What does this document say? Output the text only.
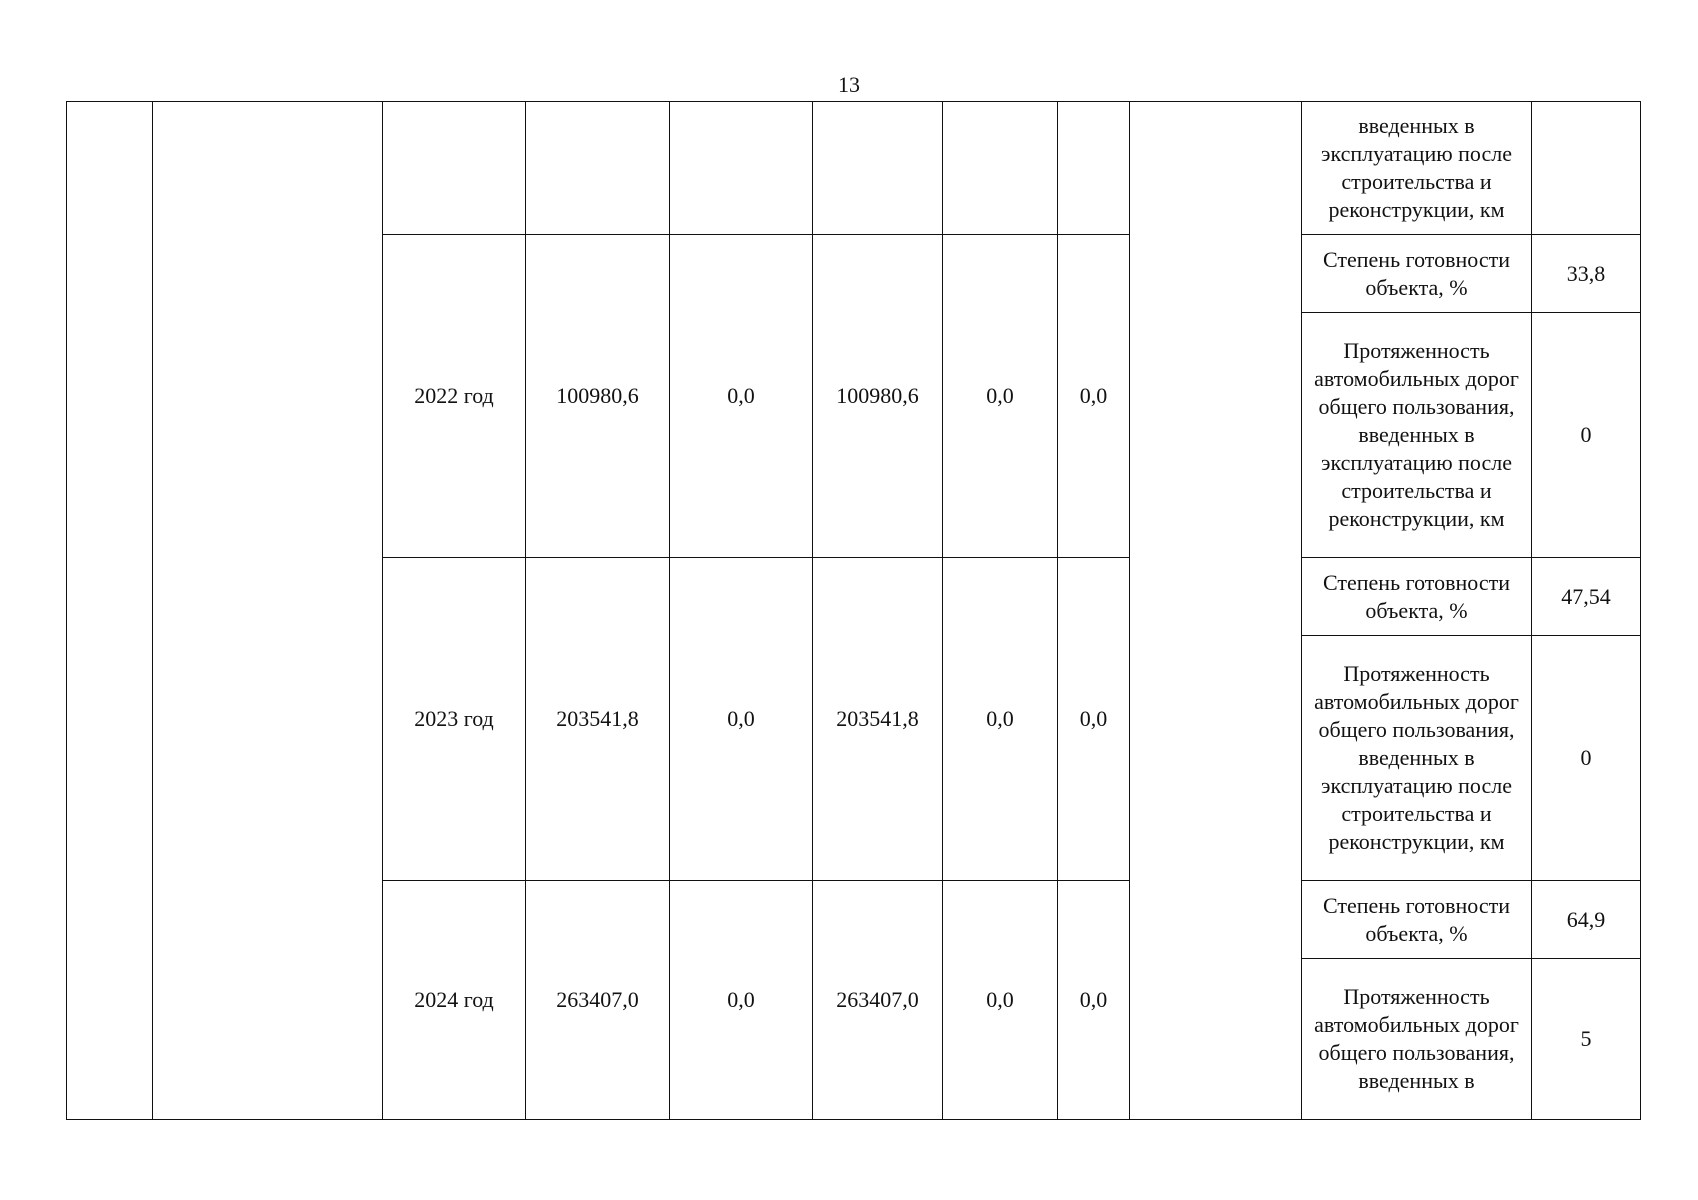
13
									введенных в эксплуатацию после строительства и реконструкции, км		
		2022 год	100980,6	0,0	100980,6	0,0	0,0		Степень готовности объекта, %	33,8	
									Протяженность автомобильных дорог общего пользования, введенных в эксплуатацию после строительства и реконструкции, км	0	
		2023 год	203541,8	0,0	203541,8	0,0	0,0		Степень готовности объекта, %	47,54	
									Протяженность автомобильных дорог общего пользования, введенных в эксплуатацию после строительства и реконструкции, км	0	
		2024 год	263407,0	0,0	263407,0	0,0	0,0		Степень готовности объекта, %	64,9	
									Протяженность автомобильных дорог общего пользования, введенных в	5	
